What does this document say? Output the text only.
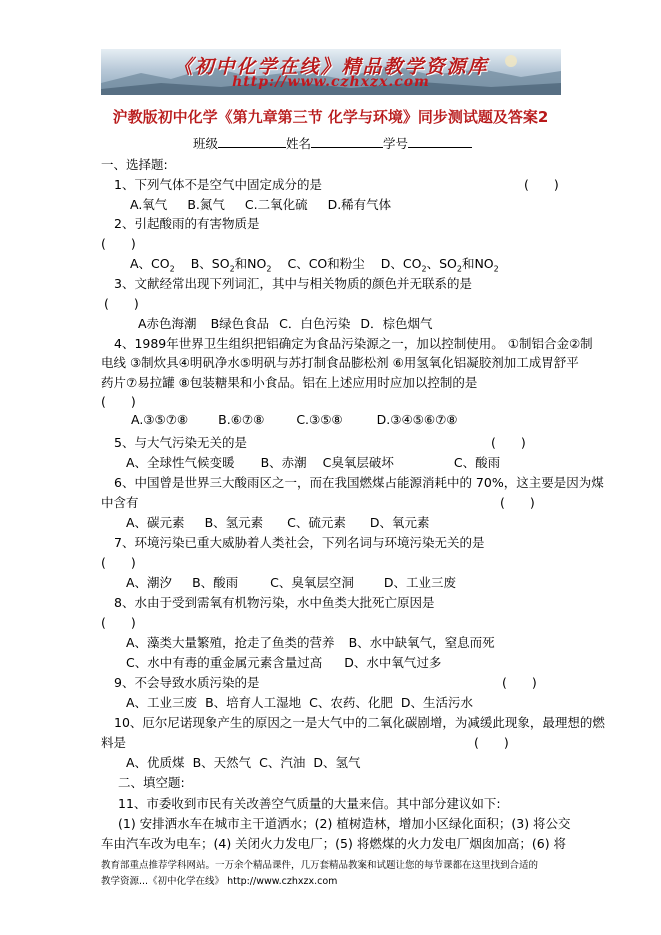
《初中化学在线》精品教学资源库
http://www.czhxzx.com
沪教版初中化学《第九章第三节 化学与环境》同步测试题及答案2
班级	姓名	学号
一、选择题:
1、下列气体不是空气中固定成分的是	(　　)
A.氧气 B.氮气 C.二氧化硫 D.稀有气体
2、引起酸雨的有害物质是
(　　)
A、$CO_2$ B、$SO_2$和$NO_2$ C、CO和粉尘 D、$CO_2$、$SO_2$和$NO_2$
3、文献经常出现下列词汇，其中与相关物质的颜色并无联系的是
(　　)
A赤色海潮 B绿色食品 C．白色污染 D．棕色烟气
4、1989年世界卫生组织把铝确定为食品污染源之一，加以控制使用。 ①制铝合金②制
电线 ③制炊具④明矾净水⑤明矾与苏打制食品膨松剂 ⑥用氢氧化铝凝胶剂加工成胃舒平
药片⑦易拉罐 ⑧包装糖果和小食品。铝在上述应用时应加以控制的是
(　　)
A.③⑤⑦⑧ B.⑥⑦⑧	C.③⑤⑧	D.③④⑤⑥⑦⑧
5、与大气污染无关的是	(　　)
A、全球性气候变暖 B、赤潮 C臭氧层破坏	C、酸雨
6、中国曾是世界三大酸雨区之一，而在我国燃煤占能源消耗中的 70%，这主要是因为煤
中含有	(　　)
A、碳元素 B、氢元素 C、硫元素 D、氧元素
7、环境污染已重大威胁着人类社会，下列名词与环境污染无关的是
(　　)
A、潮汐 B、酸雨	C、臭氧层空洞 D、工业三废
8、水由于受到需氧有机物污染，水中鱼类大批死亡原因是
(　　)
A、藻类大量繁殖，抢走了鱼类的营养 B、水中缺氧气，窒息而死
C、水中有毒的重金属元素含量过高 D、水中氧气过多
9、不会导致水质污染的是	(　　)
A、工业三废 B、培育人工湿地 C、农药、化肥 D、生活污水
10、厄尔尼诺现象产生的原因之一是大气中的二氧化碳剧增，为减缓此现象，最理想的燃
料是	(　　)
A、优质煤 B、天然气 C、汽油 D、氢气
二、填空题:
11、市委收到市民有关改善空气质量的大量来信。其中部分建议如下:
(1) 安排洒水车在城市主干道洒水；(2) 植树造林，增加小区绿化面积；(3) 将公交
车由汽车改为电车；(4) 关闭火力发电厂；(5) 将燃煤的火力发电厂烟囱加高；(6) 将
教育部重点推荐学科网站。一万余个精品课件，几万套精品教案和试题让您的每节课都在这里找到合适的
教学资源...《初中化学在线》 http://www.czhxzx.com
